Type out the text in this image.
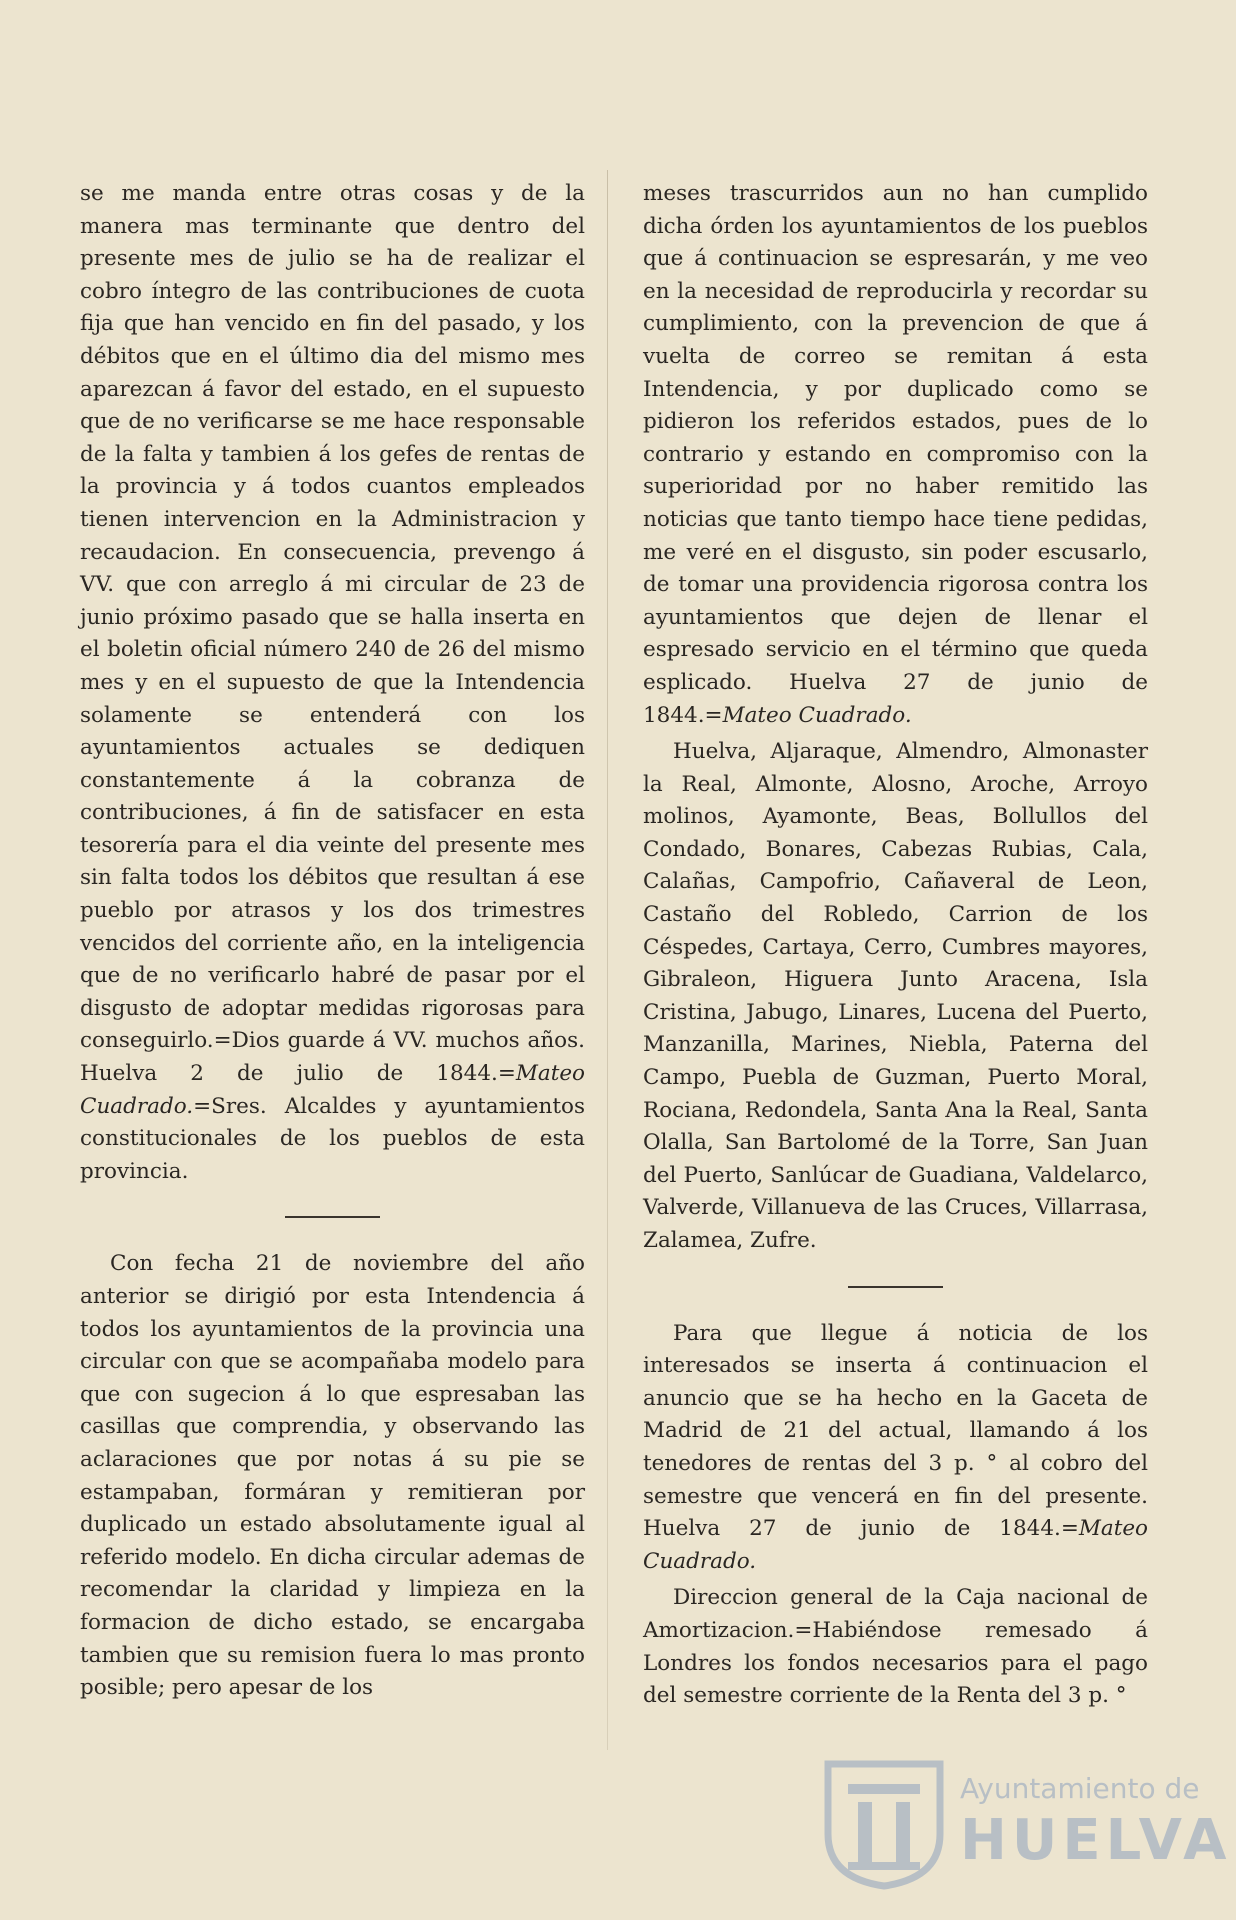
se me manda entre otras cosas y de la manera mas terminante que dentro del presente mes de julio se ha de realizar el cobro íntegro de las contribuciones de cuota fija que han vencido en fin del pasado, y los débitos que en el último dia del mismo mes aparezcan á favor del estado, en el supuesto que de no verificarse se me hace responsable de la falta y tambien á los gefes de rentas de la provincia y á todos cuantos empleados tienen intervencion en la Administracion y recaudacion. En consecuencia, prevengo á VV. que con arreglo á mi circular de 23 de junio próximo pasado que se halla inserta en el boletin oficial número 240 de 26 del mismo mes y en el supuesto de que la Intendencia solamente se entenderá con los ayuntamientos actuales se dediquen constantemente á la cobranza de contribuciones, á fin de satisfacer en esta tesorería para el dia veinte del presente mes sin falta todos los débitos que resultan á ese pueblo por atrasos y los dos trimestres vencidos del corriente año, en la inteligencia que de no verificarlo habré de pasar por el disgusto de adoptar medidas rigorosas para conseguirlo.=Dios guarde á VV. muchos años. Huelva 2 de julio de 1844.=Mateo Cuadrado.=Sres. Alcaldes y ayuntamientos constitucionales de los pueblos de esta provincia.

Con fecha 21 de noviembre del año anterior se dirigió por esta Intendencia á todos los ayuntamientos de la provincia una circular con que se acompañaba modelo para que con sugecion á lo que espresaban las casillas que comprendia, y observando las aclaraciones que por notas á su pie se estampaban, formáran y remitieran por duplicado un estado absolutamente igual al referido modelo. En dicha circular ademas de recomendar la claridad y limpieza en la formacion de dicho estado, se encargaba tambien que su remision fuera lo mas pronto posible; pero apesar de los

meses trascurridos aun no han cumplido dicha órden los ayuntamientos de los pueblos que á continuacion se espresarán, y me veo en la necesidad de reproducirla y recordar su cumplimiento, con la prevencion de que á vuelta de correo se remitan á esta Intendencia, y por duplicado como se pidieron los referidos estados, pues de lo contrario y estando en compromiso con la superioridad por no haber remitido las noticias que tanto tiempo hace tiene pedidas, me veré en el disgusto, sin poder escusarlo, de tomar una providencia rigorosa contra los ayuntamientos que dejen de llenar el espresado servicio en el término que queda esplicado. Huelva 27 de junio de 1844.=Mateo Cuadrado.

Huelva, Aljaraque, Almendro, Almonaster la Real, Almonte, Alosno, Aroche, Arroyo molinos, Ayamonte, Beas, Bollullos del Condado, Bonares, Cabezas Rubias, Cala, Calañas, Campofrio, Cañaveral de Leon, Castaño del Robledo, Carrion de los Céspedes, Cartaya, Cerro, Cumbres mayores, Gibraleon, Higuera Junto Aracena, Isla Cristina, Jabugo, Linares, Lucena del Puerto, Manzanilla, Marines, Niebla, Paterna del Campo, Puebla de Guzman, Puerto Moral, Rociana, Redondela, Santa Ana la Real, Santa Olalla, San Bartolomé de la Torre, San Juan del Puerto, Sanlúcar de Guadiana, Valdelarco, Valverde, Villanueva de las Cruces, Villarrasa, Zalamea, Zufre.

Para que llegue á noticia de los interesados se inserta á continuacion el anuncio que se ha hecho en la Gaceta de Madrid de 21 del actual, llamando á los tenedores de rentas del 3 p. ° al cobro del semestre que vencerá en fin del presente. Huelva 27 de junio de 1844.=Mateo Cuadrado.

Direccion general de la Caja nacional de Amortizacion.=Habiéndose remesado á Londres los fondos necesarios para el pago del semestre corriente de la Renta del 3 p. °

Ayuntamiento de
HUELVA
